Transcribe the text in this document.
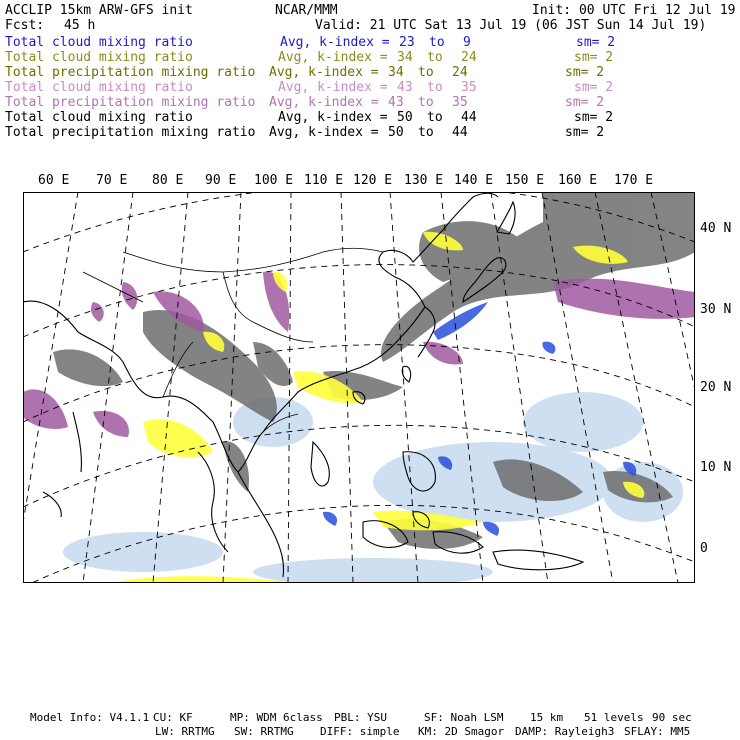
ACCLIP 15km ARW-GFS init	NCAR/MMM	Init: 00 UTC Fri 12 Jul 19
Fcst: 45 h	Valid: 21 UTC Sat 13 Jul 19 (06 JST Sun 14 Jul 19)
Total cloud mixing ratio	Avg, k-index = 23 to 9	sm= 2
Total cloud mixing ratio	Avg, k-index = 34 to 24	sm= 2
Total precipitation mixing ratio Avg, k-index = 34 to 24	sm= 2
Total cloud mixing ratio	Avg, k-index = 43 to 35	sm= 2
Total precipitation mixing ratio Avg, k-index = 43 to 35	sm= 2
Total cloud mixing ratio	Avg, k-index = 50 to 44	sm= 2
Total precipitation mixing ratio Avg, k-index = 50 to 44	sm= 2
60 E 70 E 80 E 90 E 100 E 110 E 120 E 130 E 140 E 150 E 160 E 170 E
40 N
30 N
20 N
10 N
0
Model Info: V4.1.1 CU: KF	MP: WDM 6class PBL: YSU	SF: Noah LSM 15 km 51 levels 90 sec
LW: RRTMG SW: RRTMG DIFF: simple KM: 2D Smagor DAMP: Rayleigh3 SFLAY: MM5
